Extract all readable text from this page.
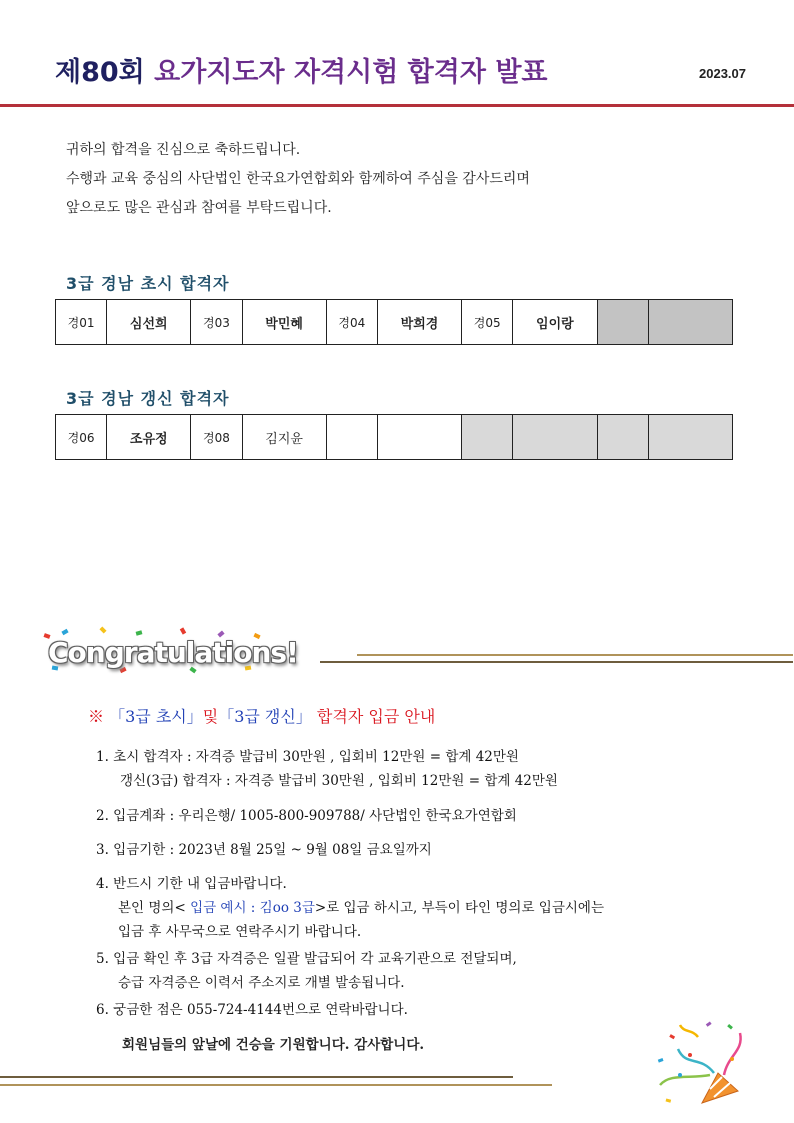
제80회 요가지도자 자격시험 합격자 발표	2023.07
귀하의 합격을 진심으로 축하드립니다.
수행과 교육 중심의 사단법인 한국요가연합회와 함께하여 주심을 감사드리며
앞으로도 많은 관심과 참여를 부탁드립니다.
3급 경남 초시 합격자
경01	심선희	경03	박민혜	경04	박희경	경05	임이랑		
3급 경남 갱신 합격자
경06	조유정	경08	김지윤						
Congratulations!
※ 「3급 초시」및「3급 갱신」 합격자 입금 안내
1. 초시 합격자 : 자격증 발급비 30만원 , 입회비 12만원 = 합계 42만원
갱신(3급) 합격자 : 자격증 발급비 30만원 , 입회비 12만원 = 합계 42만원
2. 입금계좌 : 우리은행/ 1005-800-909788/ 사단법인 한국요가연합회
3. 입금기한 : 2023년 8월 25일 ~ 9월 08일 금요일까지
4. 반드시 기한 내 입금바랍니다.
본인 명의< 입금 예시 : 김oo 3급>로 입금 하시고, 부득이 타인 명의로 입금시에는
입금 후 사무국으로 연락주시기 바랍니다.
5. 입금 확인 후 3급 자격증은 일괄 발급되어 각 교육기관으로 전달되며,
승급 자격증은 이력서 주소지로 개별 발송됩니다.
6. 궁금한 점은 055-724-4144번으로 연락바랍니다.
회원님들의 앞날에 건승을 기원합니다. 감사합니다.
